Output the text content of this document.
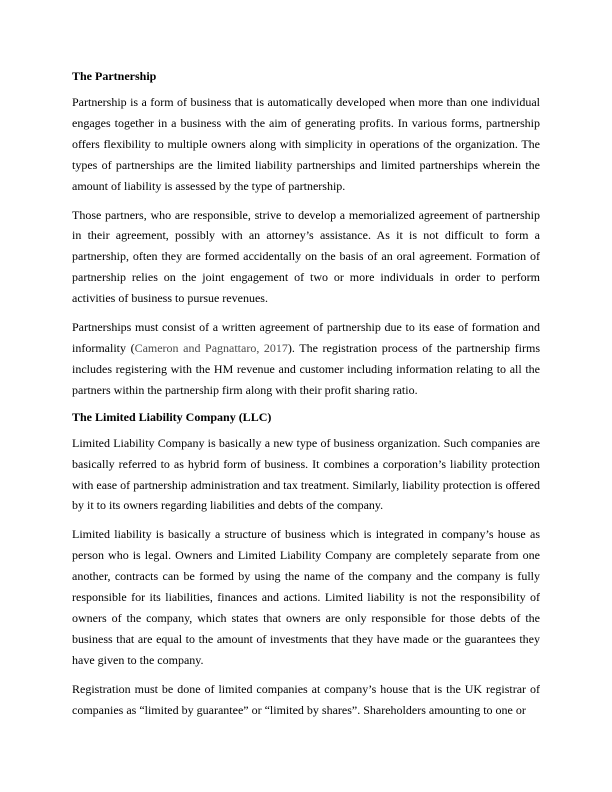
The Partnership

Partnership is a form of business that is automatically developed when more than one individual engages together in a business with the aim of generating profits. In various forms, partnership offers flexibility to multiple owners along with simplicity in operations of the organization. The types of partnerships are the limited liability partnerships and limited partnerships wherein the amount of liability is assessed by the type of partnership.

Those partners, who are responsible, strive to develop a memorialized agreement of partnership in their agreement, possibly with an attorney’s assistance. As it is not difficult to form a partnership, often they are formed accidentally on the basis of an oral agreement. Formation of partnership relies on the joint engagement of two or more individuals in order to perform activities of business to pursue revenues.

Partnerships must consist of a written agreement of partnership due to its ease of formation and informality (Cameron and Pagnattaro, 2017). The registration process of the partnership firms includes registering with the HM revenue and customer including information relating to all the partners within the partnership firm along with their profit sharing ratio.

The Limited Liability Company (LLC)

Limited Liability Company is basically a new type of business organization. Such companies are basically referred to as hybrid form of business. It combines a corporation’s liability protection with ease of partnership administration and tax treatment. Similarly, liability protection is offered by it to its owners regarding liabilities and debts of the company.

Limited liability is basically a structure of business which is integrated in company’s house as person who is legal. Owners and Limited Liability Company are completely separate from one another, contracts can be formed by using the name of the company and the company is fully responsible for its liabilities, finances and actions. Limited liability is not the responsibility of owners of the company, which states that owners are only responsible for those debts of the business that are equal to the amount of investments that they have made or the guarantees they have given to the company.

Registration must be done of limited companies at company’s house that is the UK registrar of companies as “limited by guarantee” or “limited by shares”. Shareholders amounting to one or
